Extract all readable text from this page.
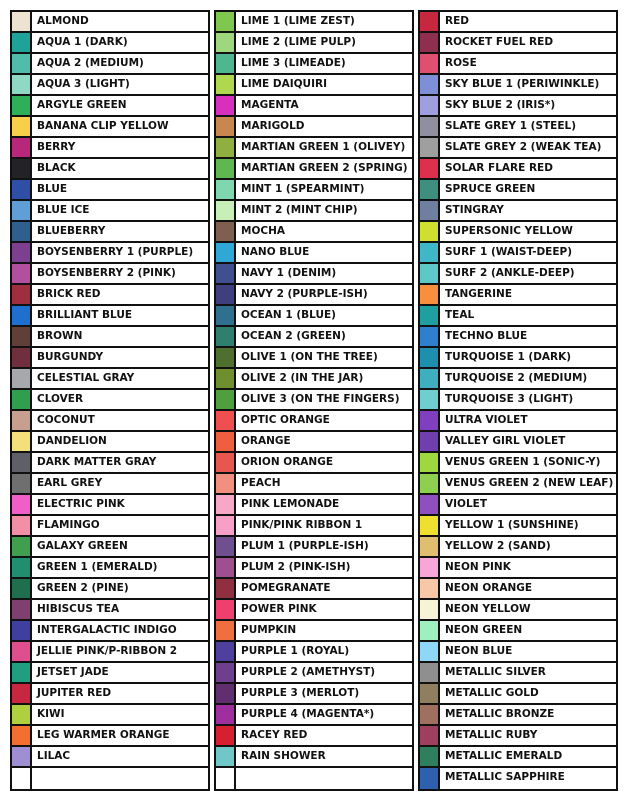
ALMOND
AQUA 1 (DARK)
AQUA 2 (MEDIUM)
AQUA 3 (LIGHT)
ARGYLE GREEN
BANANA CLIP YELLOW
BERRY
BLACK
BLUE
BLUE ICE
BLUEBERRY
BOYSENBERRY 1 (PURPLE)
BOYSENBERRY 2 (PINK)
BRICK RED
BRILLIANT BLUE
BROWN
BURGUNDY
CELESTIAL GRAY
CLOVER
COCONUT
DANDELION
DARK MATTER GRAY
EARL GREY
ELECTRIC PINK
FLAMINGO
GALAXY GREEN
GREEN 1 (EMERALD)
GREEN 2 (PINE)
HIBISCUS TEA
INTERGALACTIC INDIGO
JELLIE PINK/P-RIBBON 2
JETSET JADE
JUPITER RED
KIWI
LEG WARMER ORANGE
LILAC
LIME 1 (LIME ZEST)
LIME 2 (LIME PULP)
LIME 3 (LIMEADE)
LIME DAIQUIRI
MAGENTA
MARIGOLD
MARTIAN GREEN 1 (OLIVEY)
MARTIAN GREEN 2 (SPRING)
MINT 1 (SPEARMINT)
MINT 2 (MINT CHIP)
MOCHA
NANO BLUE
NAVY 1 (DENIM)
NAVY 2 (PURPLE-ISH)
OCEAN 1 (BLUE)
OCEAN 2 (GREEN)
OLIVE 1 (ON THE TREE)
OLIVE 2 (IN THE JAR)
OLIVE 3 (ON THE FINGERS)
OPTIC ORANGE
ORANGE
ORION ORANGE
PEACH
PINK LEMONADE
PINK/PINK RIBBON 1
PLUM 1 (PURPLE-ISH)
PLUM 2 (PINK-ISH)
POMEGRANATE
POWER PINK
PUMPKIN
PURPLE 1 (ROYAL)
PURPLE 2 (AMETHYST)
PURPLE 3 (MERLOT)
PURPLE 4 (MAGENTA*)
RACEY RED
RAIN SHOWER
RED
ROCKET FUEL RED
ROSE
SKY BLUE 1 (PERIWINKLE)
SKY BLUE 2 (IRIS*)
SLATE GREY 1 (STEEL)
SLATE GREY 2 (WEAK TEA)
SOLAR FLARE RED
SPRUCE GREEN
STINGRAY
SUPERSONIC YELLOW
SURF 1 (WAIST-DEEP)
SURF 2 (ANKLE-DEEP)
TANGERINE
TEAL
TECHNO BLUE
TURQUOISE 1 (DARK)
TURQUOISE 2 (MEDIUM)
TURQUOISE 3 (LIGHT)
ULTRA VIOLET
VALLEY GIRL VIOLET
VENUS GREEN 1 (SONIC-Y)
VENUS GREEN 2 (NEW LEAF)
VIOLET
YELLOW 1 (SUNSHINE)
YELLOW 2 (SAND)
NEON PINK
NEON ORANGE
NEON YELLOW
NEON GREEN
NEON BLUE
METALLIC SILVER
METALLIC GOLD
METALLIC BRONZE
METALLIC RUBY
METALLIC EMERALD
METALLIC SAPPHIRE
